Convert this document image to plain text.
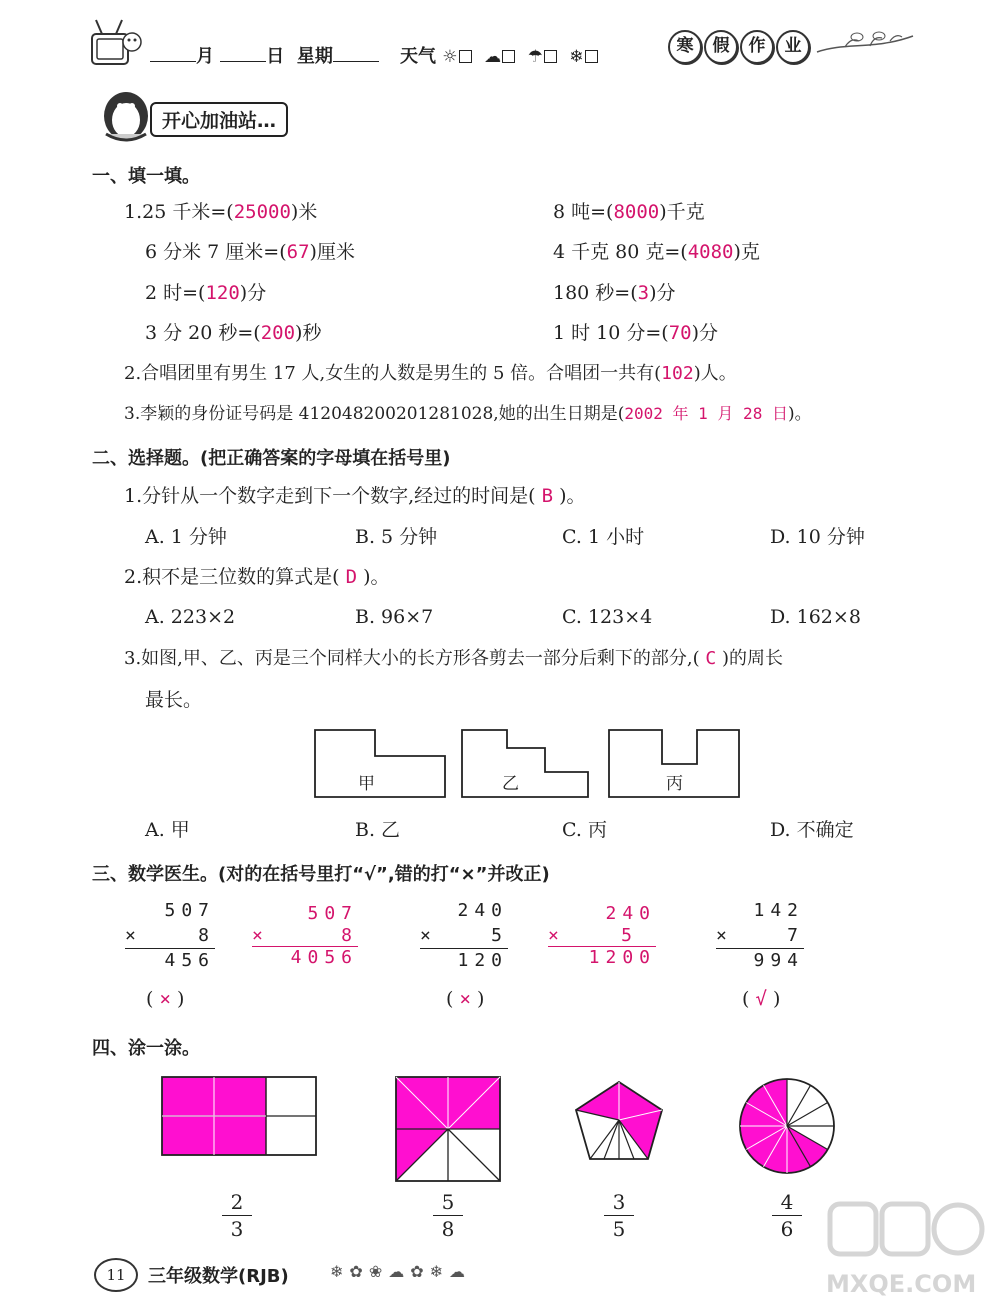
月	日 星期	天气 ☼ ☁ ☂ ❄
寒 假 作 业
开心加油站…
一、填一填。
1.25 千米=(25000)米	8 吨=(8000)千克
6 分米 7 厘米=(67)厘米	4 千克 80 克=(4080)克
2 时=(120)分	180 秒=(3)分
3 分 20 秒=(200)秒	1 时 10 分=(70)分
2.合唱团里有男生 17 人,女生的人数是男生的 5 倍。合唱团一共有(102)人。
3.李颖的身份证号码是 412048200201281028,她的出生日期是(2002 年 1 月 28 日)。
二、选择题。(把正确答案的字母填在括号里)
1.分针从一个数字走到下一个数字,经过的时间是( B )。
A. 1 分钟	B. 5 分钟	C. 1 小时	D. 10 分钟
2.积不是三位数的算式是( D )。
A. 223×2	B. 96×7	C. 123×4	D. 162×8
3.如图,甲、乙、丙是三个同样大小的长方形各剪去一部分后剩下的部分,( C )的周长
最长。
甲	乙	丙
A. 甲	B. 乙	C. 丙	D. 不确定
三、数学医生。(对的在括号里打“√”,错的打“×”并改正)
507
×	8
456
507
×	8
4056
240
×	5
120
240
×	5
1200
142
×	7
994
( × )	( × )	( √ )
四、涂一涂。
2
3
5
8
3
5
4
6
11	三年级数学(RJB)	❄✿❀☁✿❄☁	MXQE.COM
